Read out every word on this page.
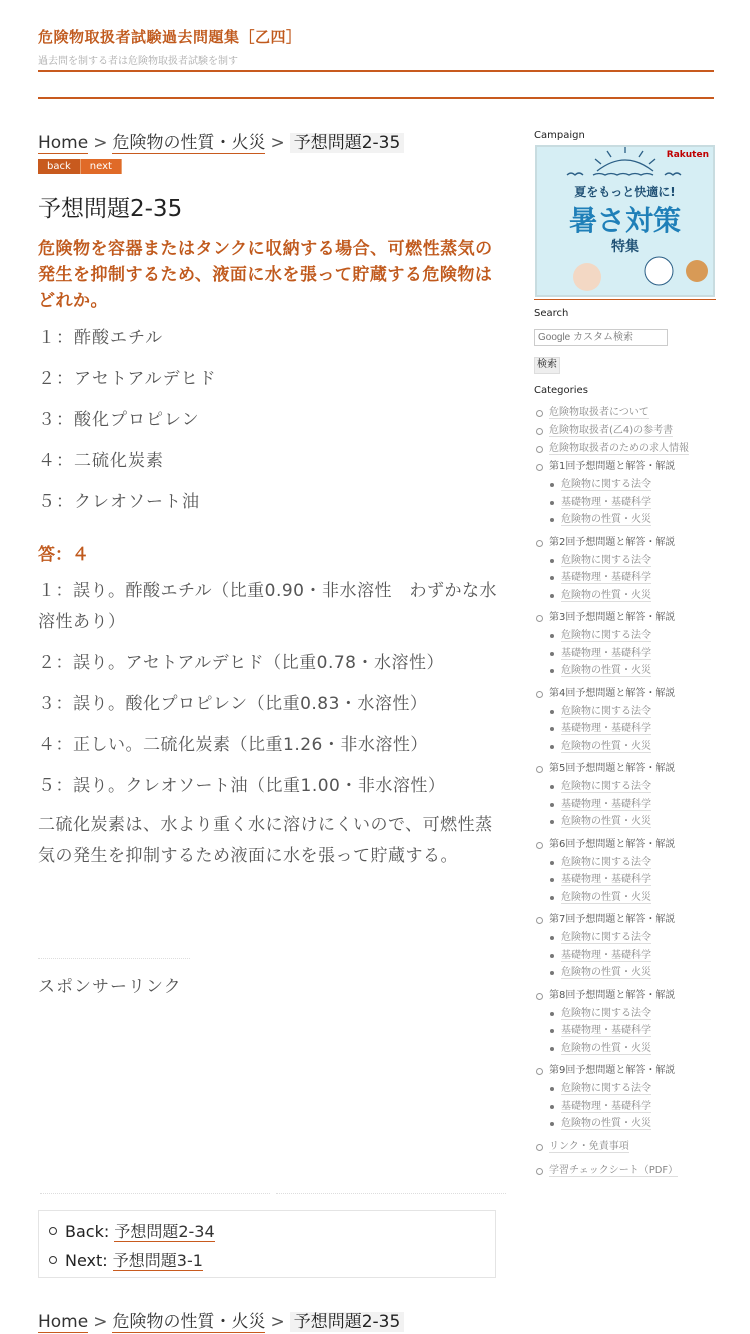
危険物取扱者試験過去問題集［乙四］
過去問を制する者は危険物取扱者試験を制す
Home > 危険物の性質・火災 > 予想問題2-35
back	next
予想問題2-35
危険物を容器またはタンクに収納する場合、可燃性蒸気の発生を抑制するため、液面に水を張って貯蔵する危険物はどれか。
１：酢酸エチル
２：アセトアルデヒド
３：酸化プロピレン
４：二硫化炭素
５：クレオソート油
答：４
１：誤り。酢酸エチル（比重0.90・非水溶性　わずかな水溶性あり）
２：誤り。アセトアルデヒド（比重0.78・水溶性）
３：誤り。酸化プロピレン（比重0.83・水溶性）
４：正しい。二硫化炭素（比重1.26・非水溶性）
５：誤り。クレオソート油（比重1.00・非水溶性）
二硫化炭素は、水より重く水に溶けにくいので、可燃性蒸気の発生を抑制するため液面に水を張って貯蔵する。
スポンサーリンク
Back: 予想問題2-34
Next: 予想問題3-1
Home > 危険物の性質・火災 > 予想問題2-35
Campaign
Rakuten
夏をもっと快適に!
暑さ対策
特集
Search
Google カスタム検索
検索
Categories
危険物取扱者について
危険物取扱者(乙4)の参考書
危険物取扱者のための求人情報
第1回予想問題と解答・解説
危険物に関する法令
基礎物理・基礎科学
危険物の性質・火災
第2回予想問題と解答・解説
危険物に関する法令
基礎物理・基礎科学
危険物の性質・火災
第3回予想問題と解答・解説
危険物に関する法令
基礎物理・基礎科学
危険物の性質・火災
第4回予想問題と解答・解説
危険物に関する法令
基礎物理・基礎科学
危険物の性質・火災
第5回予想問題と解答・解説
危険物に関する法令
基礎物理・基礎科学
危険物の性質・火災
第6回予想問題と解答・解説
危険物に関する法令
基礎物理・基礎科学
危険物の性質・火災
第7回予想問題と解答・解説
危険物に関する法令
基礎物理・基礎科学
危険物の性質・火災
第8回予想問題と解答・解説
危険物に関する法令
基礎物理・基礎科学
危険物の性質・火災
第9回予想問題と解答・解説
危険物に関する法令
基礎物理・基礎科学
危険物の性質・火災
リンク・免責事項
学習チェックシート（PDF）
